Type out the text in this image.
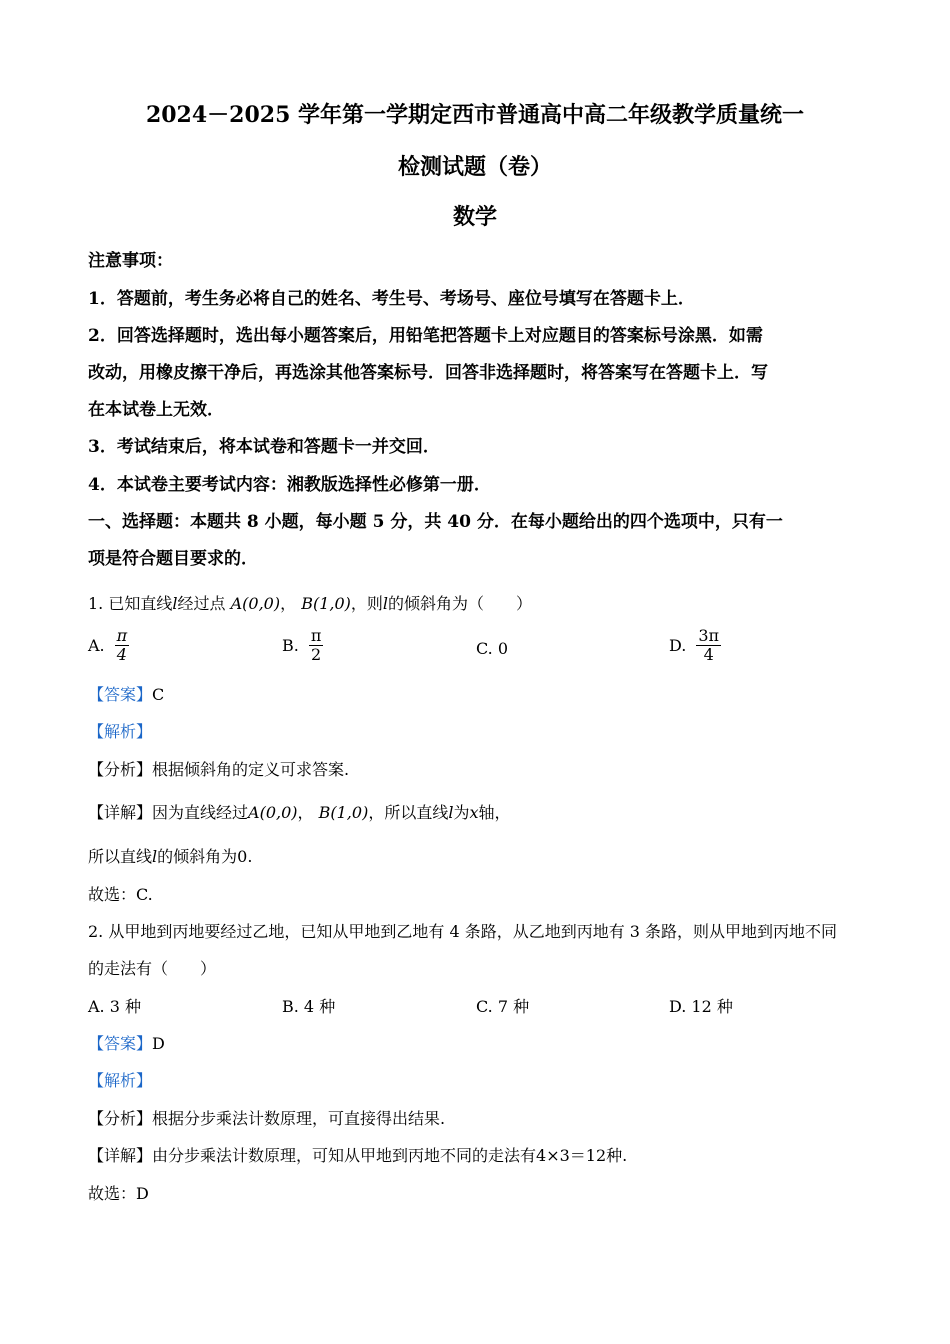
2024－2025 学年第一学期定西市普通高中高二年级教学质量统一
检测试题（卷）
数学
注意事项：
1．答题前，考生务必将自己的姓名、考生号、考场号、座位号填写在答题卡上．
2．回答选择题时，选出每小题答案后，用铅笔把答题卡上对应题目的答案标号涂黑．如需
改动，用橡皮擦干净后，再选涂其他答案标号．回答非选择题时，将答案写在答题卡上．写
在本试卷上无效．
3．考试结束后，将本试卷和答题卡一并交回．
4．本试卷主要考试内容：湘教版选择性必修第一册．
一、选择题：本题共 8 小题，每小题 5 分，共 40 分．在每小题给出的四个选项中，只有一
项是符合题目要求的．
1. 已知直线l经过点 A(0,0)， B(1,0)，则l的倾斜角为（　　）
A. $\frac{\pi}{4}$	B. $\frac{\pi}{2}$	C. 0	D. $\frac{3\pi}{4}$
【答案】C
【解析】
【分析】根据倾斜角的定义可求答案.
【详解】因为直线经过A(0,0)， B(1,0)，所以直线l为x轴，
所以直线l的倾斜角为0.
故选：C.
2. 从甲地到丙地要经过乙地，已知从甲地到乙地有 4 条路，从乙地到丙地有 3 条路，则从甲地到丙地不同
的走法有（　　）
A. 3 种	B. 4 种	C. 7 种	D. 12 种
【答案】D
【解析】
【分析】根据分步乘法计数原理，可直接得出结果.
【详解】由分步乘法计数原理，可知从甲地到丙地不同的走法有4×3＝12种.
故选：D
